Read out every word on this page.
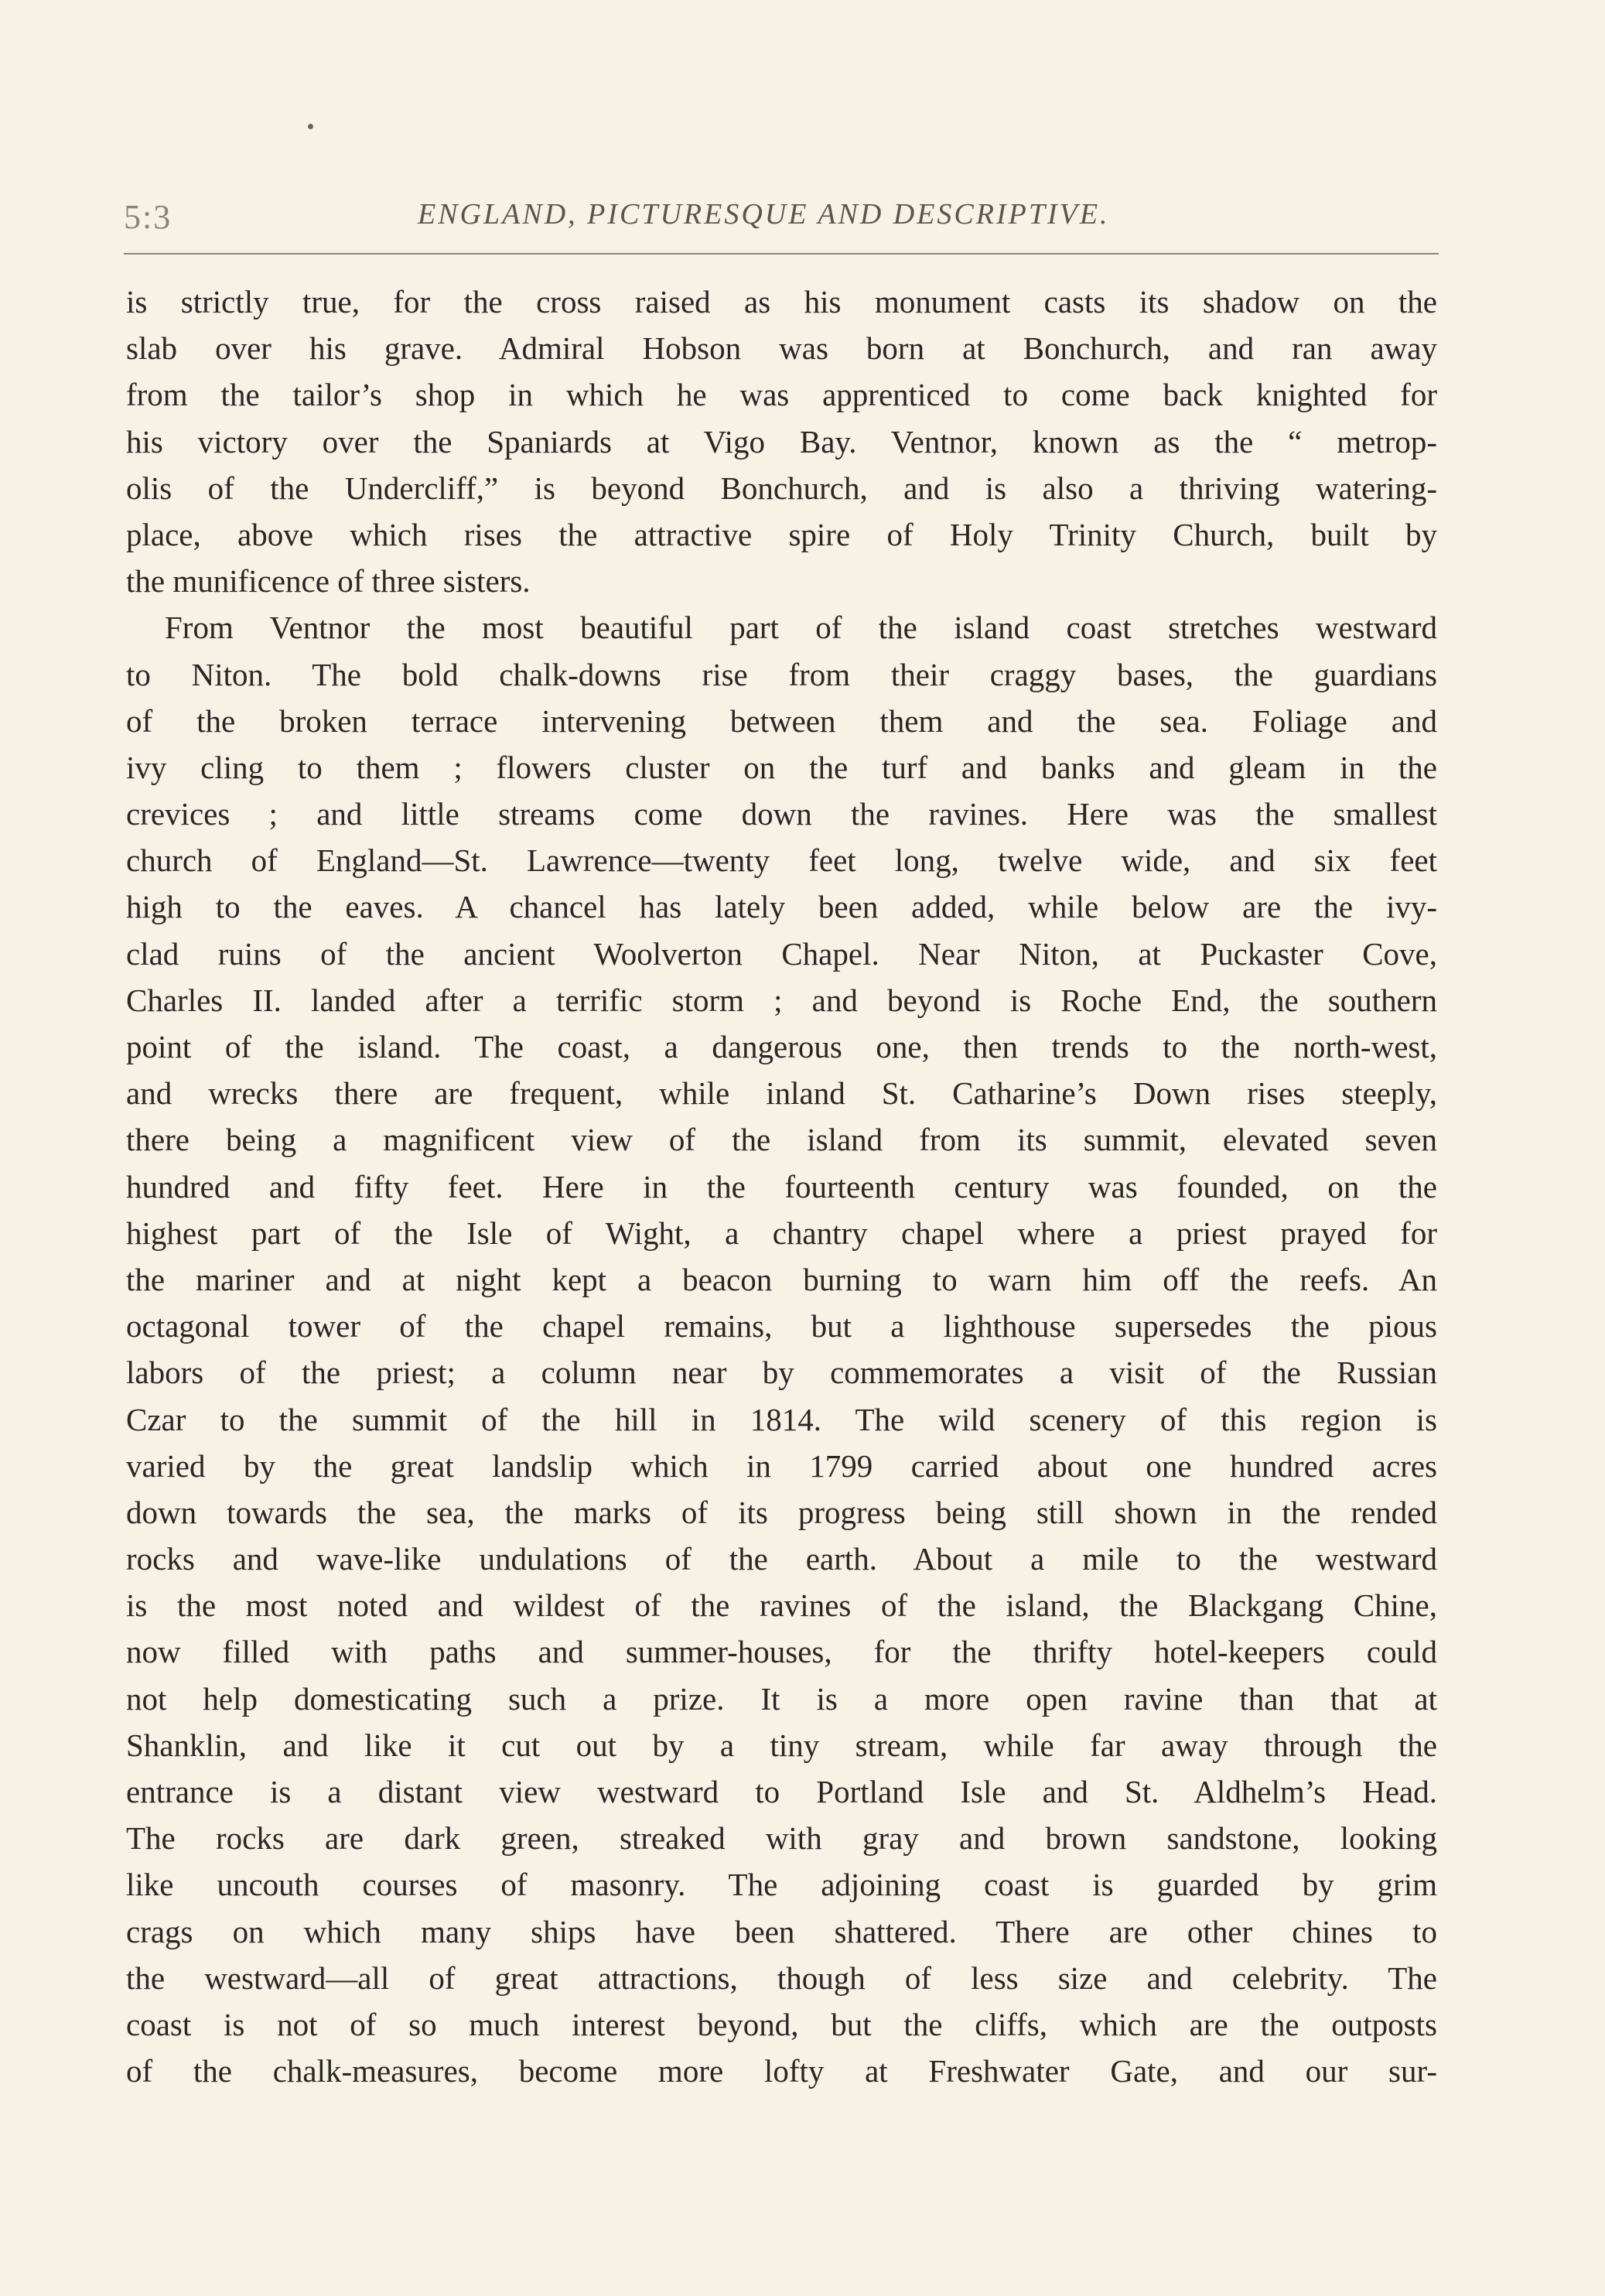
5:3	ENGLAND, PICTURESQUE AND DESCRIPTIVE.
is strictly true, for the cross raised as his monument casts its shadow on the
slab over his grave. Admiral Hobson was born at Bonchurch, and ran away
from the tailor’s shop in which he was apprenticed to come back knighted for
his victory over the Spaniards at Vigo Bay. Ventnor, known as the “ metrop-
olis of the Undercliff,” is beyond Bonchurch, and is also a thriving watering-
place, above which rises the attractive spire of Holy Trinity Church, built by
the munificence of three sisters.
From Ventnor the most beautiful part of the island coast stretches westward
to Niton. The bold chalk-downs rise from their craggy bases, the guardians
of the broken terrace intervening between them and the sea. Foliage and
ivy cling to them ; flowers cluster on the turf and banks and gleam in the
crevices ; and little streams come down the ravines. Here was the smallest
church of England—St. Lawrence—twenty feet long, twelve wide, and six feet
high to the eaves. A chancel has lately been added, while below are the ivy-
clad ruins of the ancient Woolverton Chapel. Near Niton, at Puckaster Cove,
Charles II. landed after a terrific storm ; and beyond is Roche End, the southern
point of the island. The coast, a dangerous one, then trends to the north-west,
and wrecks there are frequent, while inland St. Catharine’s Down rises steeply,
there being a magnificent view of the island from its summit, elevated seven
hundred and fifty feet. Here in the fourteenth century was founded, on the
highest part of the Isle of Wight, a chantry chapel where a priest prayed for
the mariner and at night kept a beacon burning to warn him off the reefs. An
octagonal tower of the chapel remains, but a lighthouse supersedes the pious
labors of the priest; a column near by commemorates a visit of the Russian
Czar to the summit of the hill in 1814. The wild scenery of this region is
varied by the great landslip which in 1799 carried about one hundred acres
down towards the sea, the marks of its progress being still shown in the rended
rocks and wave-like undulations of the earth. About a mile to the westward
is the most noted and wildest of the ravines of the island, the Blackgang Chine,
now filled with paths and summer-houses, for the thrifty hotel-keepers could
not help domesticating such a prize. It is a more open ravine than that at
Shanklin, and like it cut out by a tiny stream, while far away through the
entrance is a distant view westward to Portland Isle and St. Aldhelm’s Head.
The rocks are dark green, streaked with gray and brown sandstone, looking
like uncouth courses of masonry. The adjoining coast is guarded by grim
crags on which many ships have been shattered. There are other chines to
the westward—all of great attractions, though of less size and celebrity. The
coast is not of so much interest beyond, but the cliffs, which are the outposts
of the chalk-measures, become more lofty at Freshwater Gate, and our sur-
